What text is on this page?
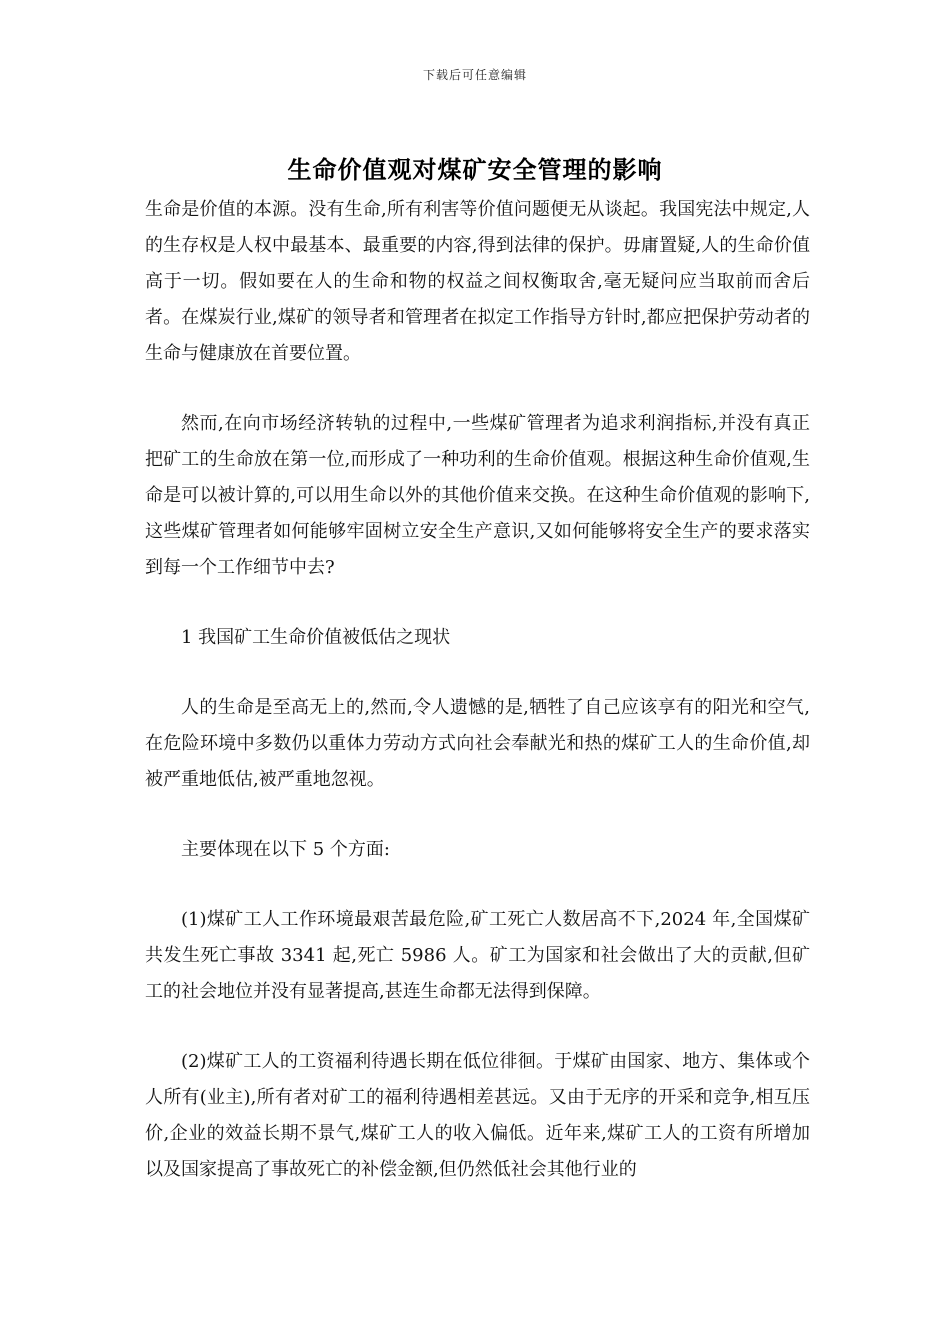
下载后可任意编辑
生命价值观对煤矿安全管理的影响

生命是价值的本源。没有生命,所有利害等价值问题便无从谈起。我国宪法中规定,人的生存权是人权中最基本、最重要的内容,得到法律的保护。毋庸置疑,人的生命价值高于一切。假如要在人的生命和物的权益之间权衡取舍,毫无疑问应当取前而舍后者。在煤炭行业,煤矿的领导者和管理者在拟定工作指导方针时,都应把保护劳动者的生命与健康放在首要位置。

然而,在向市场经济转轨的过程中,一些煤矿管理者为追求利润指标,并没有真正把矿工的生命放在第一位,而形成了一种功利的生命价值观。根据这种生命价值观,生命是可以被计算的,可以用生命以外的其他价值来交换。在这种生命价值观的影响下,这些煤矿管理者如何能够牢固树立安全生产意识,又如何能够将安全生产的要求落实到每一个工作细节中去?

1 我国矿工生命价值被低估之现状

人的生命是至高无上的,然而,令人遗憾的是,牺牲了自己应该享有的阳光和空气,在危险环境中多数仍以重体力劳动方式向社会奉献光和热的煤矿工人的生命价值,却被严重地低估,被严重地忽视。

主要体现在以下 5 个方面:

(1)煤矿工人工作环境最艰苦最危险,矿工死亡人数居高不下,2024 年,全国煤矿共发生死亡事故 3341 起,死亡 5986 人。矿工为国家和社会做出了大的贡献,但矿工的社会地位并没有显著提高,甚连生命都无法得到保障。

(2)煤矿工人的工资福利待遇长期在低位徘徊。于煤矿由国家、地方、集体或个人所有(业主),所有者对矿工的福利待遇相差甚远。又由于无序的开采和竞争,相互压价,企业的效益长期不景气,煤矿工人的收入偏低。近年来,煤矿工人的工资有所增加以及国家提高了事故死亡的补偿金额,但仍然低社会其他行业的
